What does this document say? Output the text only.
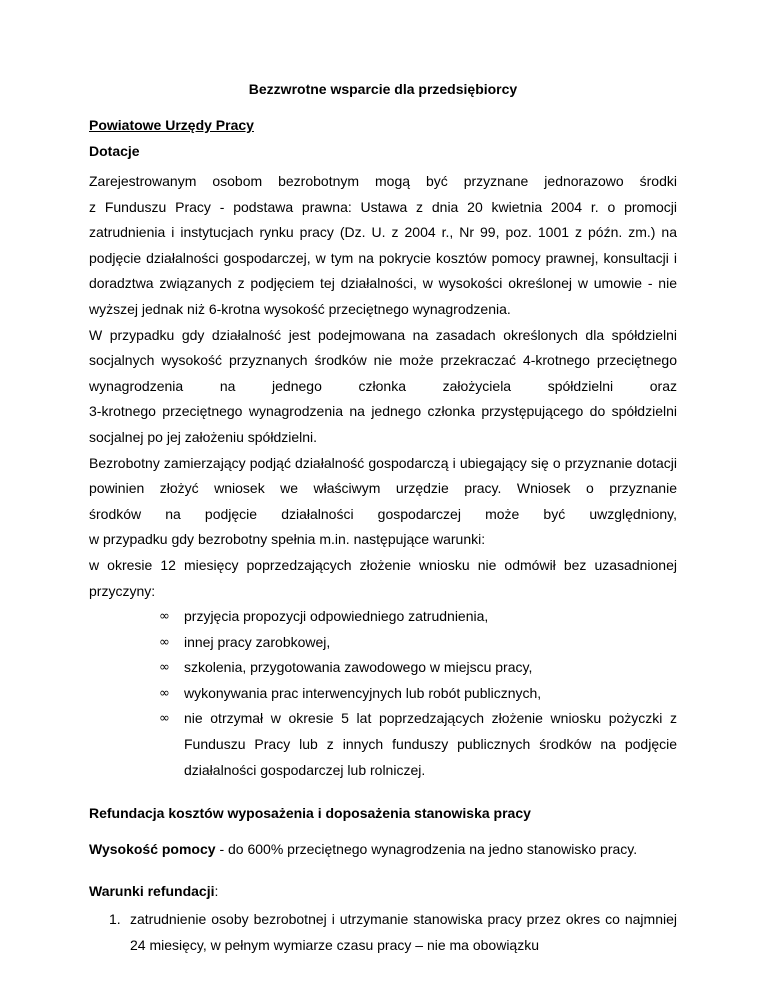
Bezzwrotne wsparcie dla przedsiębiorcy
Powiatowe Urzędy Pracy
Dotacje

Zarejestrowanym osobom bezrobotnym mogą być przyznane jednorazowo środki

z Funduszu Pracy - podstawa prawna: Ustawa z dnia 20 kwietnia 2004 r. o promocji zatrudnienia i instytucjach rynku pracy (Dz. U. z 2004 r., Nr 99, poz. 1001 z późn. zm.) na podjęcie działalności gospodarczej, w tym na pokrycie kosztów pomocy prawnej, konsultacji i doradztwa związanych z podjęciem tej działalności, w wysokości określonej w umowie - nie wyższej jednak niż 6-krotna wysokość przeciętnego wynagrodzenia.

W przypadku gdy działalność jest podejmowana na zasadach określonych dla spółdzielni socjalnych wysokość przyznanych środków nie może przekraczać 4-krotnego przeciętnego

wynagrodzenia na jednego członka założyciela spółdzielni oraz

3-krotnego przeciętnego wynagrodzenia na jednego członka przystępującego do spółdzielni socjalnej po jej założeniu spółdzielni.

Bezrobotny zamierzający podjąć działalność gospodarczą i ubiegający się o przyznanie dotacji powinien złożyć wniosek we właściwym urzędzie pracy. Wniosek o przyznanie

środków na podjęcie działalności gospodarczej może być uwzględniony,

w przypadku gdy bezrobotny spełnia m.in. następujące warunki:

w okresie 12 miesięcy poprzedzających złożenie wniosku nie odmówił bez uzasadnionej przyczyny:

∞ przyjęcia propozycji odpowiedniego zatrudnienia,
∞ innej pracy zarobkowej,
∞ szkolenia, przygotowania zawodowego w miejscu pracy,
∞ wykonywania prac interwencyjnych lub robót publicznych,
∞ nie otrzymał w okresie 5 lat poprzedzających złożenie wniosku pożyczki z Funduszu Pracy lub z innych funduszy publicznych środków na podjęcie działalności gospodarczej lub rolniczej.
Refundacja kosztów wyposażenia i doposażenia stanowiska pracy
Wysokość pomocy - do 600% przeciętnego wynagrodzenia na jedno stanowisko pracy.
Warunki refundacji:
1. zatrudnienie osoby bezrobotnej i utrzymanie stanowiska pracy przez okres co najmniej 24 miesięcy, w pełnym wymiarze czasu pracy – nie ma obowiązku
